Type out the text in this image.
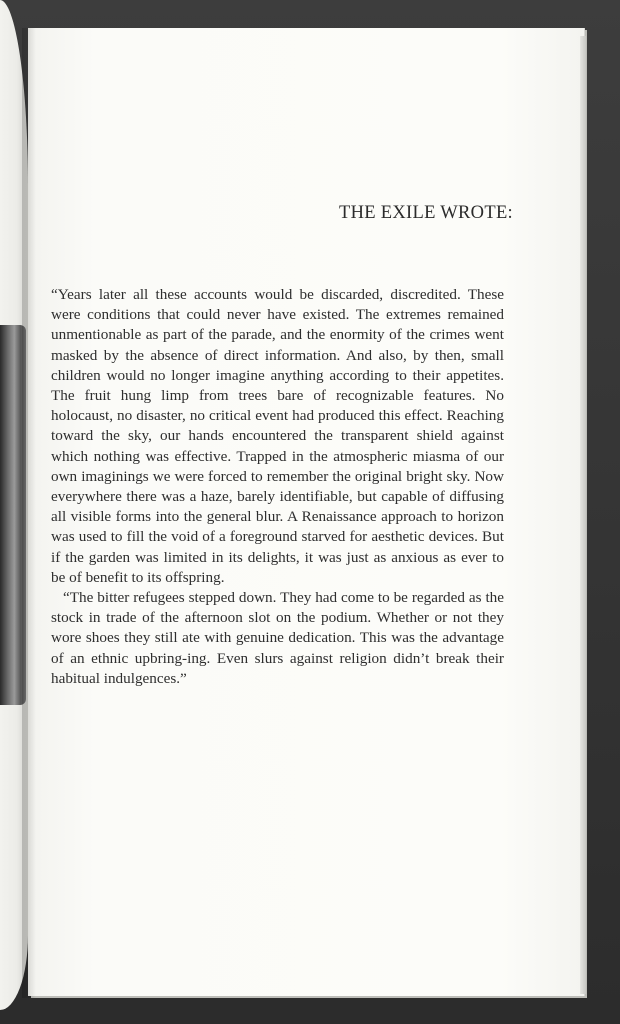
THE EXILE WROTE:

“Years later all these accounts would be discarded, discredited. These were conditions that could never have existed. The extremes remained unmentionable as part of the parade, and the enormity of the crimes went masked by the absence of direct information. And also, by then, small children would no longer imagine anything according to their appetites. The fruit hung limp from trees bare of recognizable features. No holocaust, no disaster, no critical event had produced this effect. Reaching toward the sky, our hands encountered the transparent shield against which nothing was effective. Trapped in the atmospheric miasma of our own imaginings we were forced to remember the original bright sky. Now everywhere there was a haze, barely identifiable, but capable of diffusing all visible forms into the general blur. A Renaissance approach to horizon was used to fill the void of a foreground starved for aesthetic devices. But if the garden was limited in its delights, it was just as anxious as ever to be of benefit to its offspring.

“The bitter refugees stepped down. They had come to be regarded as the stock in trade of the afternoon slot on the podium. Whether or not they wore shoes they still ate with genuine dedication. This was the advantage of an ethnic upbring-ing. Even slurs against religion didn’t break their habitual indulgences.”
